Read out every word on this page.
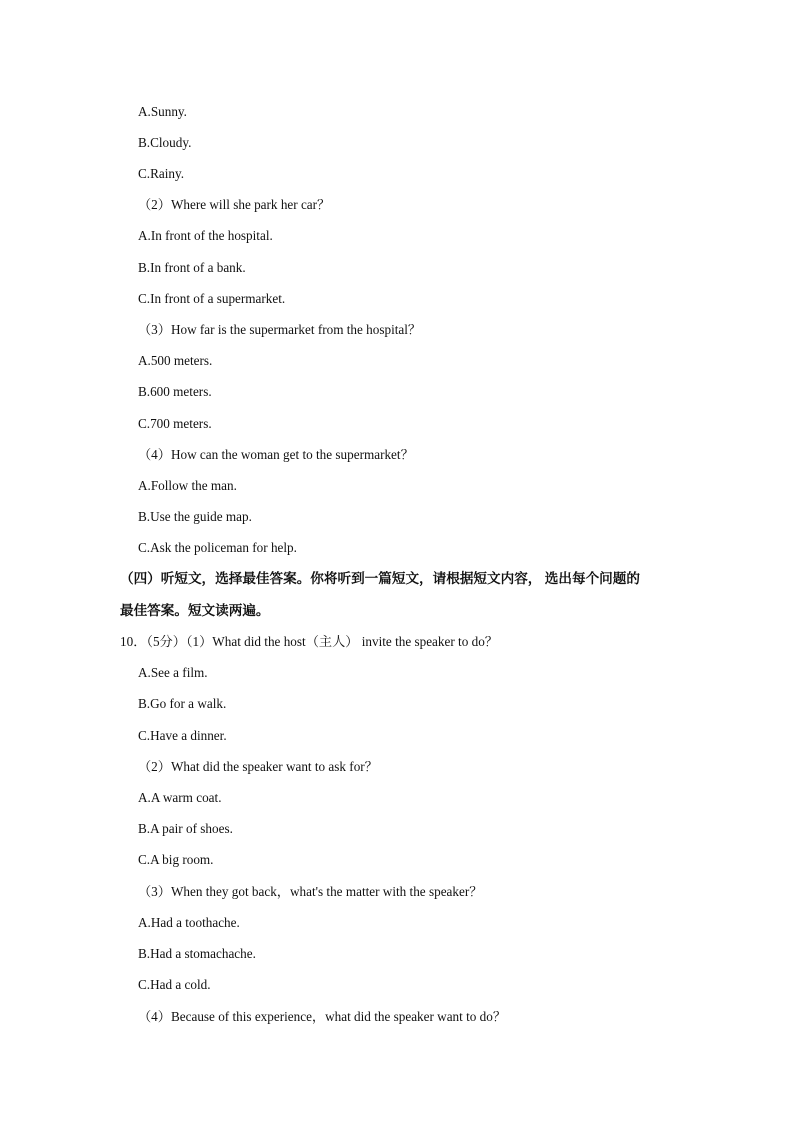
A.Sunny.
B.Cloudy.
C.Rainy.
（2）Where will she park her car？
A.In front of the hospital.
B.In front of a bank.
C.In front of a supermarket.
（3）How far is the supermarket from the hospital？
A.500 meters.
B.600 meters.
C.700 meters.
（4）How can the woman get to the supermarket？
A.Follow the man.
B.Use the guide map.
C.Ask the policeman for help.
（四）听短文，选择最佳答案。你将听到一篇短文，请根据短文内容， 选出每个问题的
最佳答案。短文读两遍。
10．（5分）（1）What did the host（主人） invite the speaker to do？
A.See a film.
B.Go for a walk.
C.Have a dinner.
（2）What did the speaker want to ask for？
A.A warm coat.
B.A pair of shoes.
C.A big room.
（3）When they got back，what's the matter with the speaker？
A.Had a toothache.
B.Had a stomachache.
C.Had a cold.
（4）Because of this experience，what did the speaker want to do？
